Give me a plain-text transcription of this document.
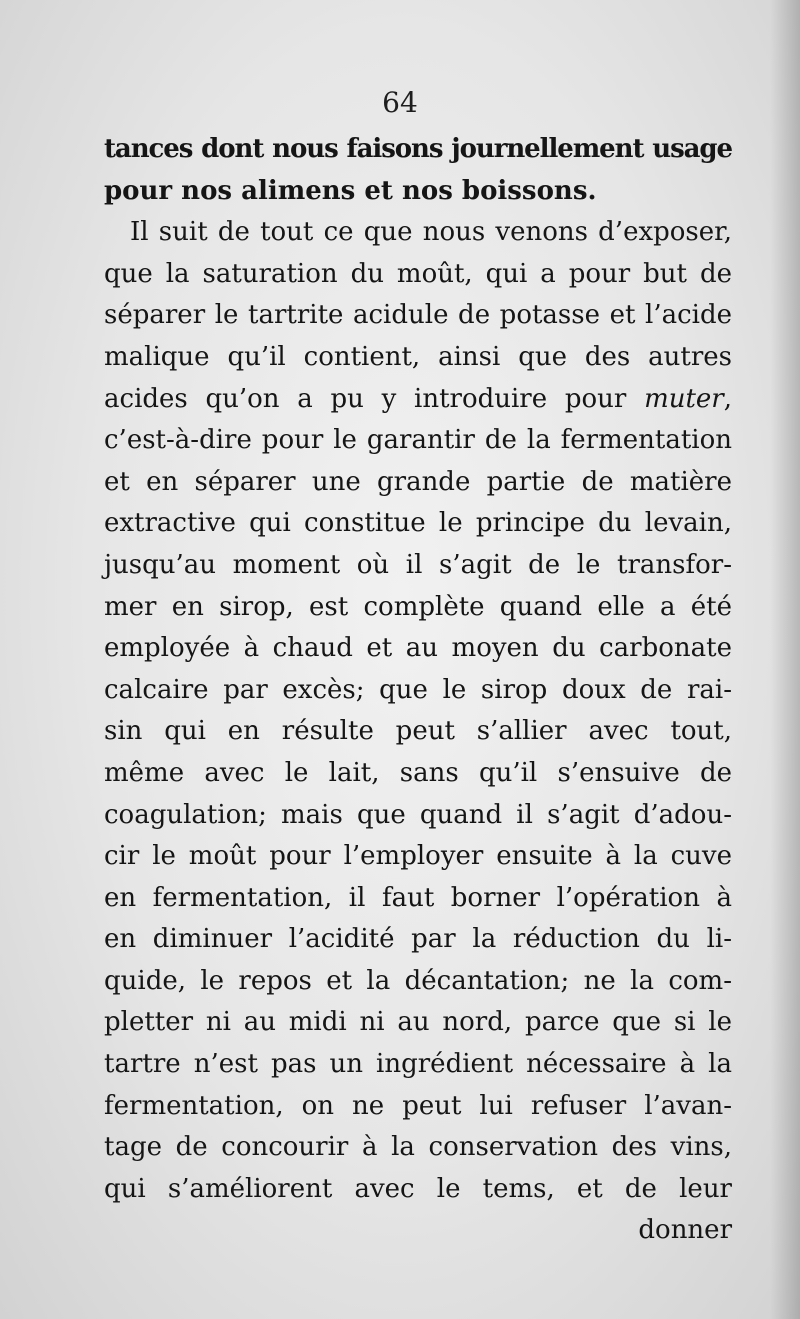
64
tances dont nous faisons journellement usage
pour nos alimens et nos boissons.
Il suit de tout ce que nous venons d’exposer,
que la saturation du moût, qui a pour but de
séparer le tartrite acidule de potasse et l’acide
malique qu’il contient, ainsi que des autres
acides qu’on a pu y introduire pour muter,
c’est-à-dire pour le garantir de la fermentation
et en séparer une grande partie de matière
extractive qui constitue le principe du levain,
jusqu’au moment où il s’agit de le transfor-
mer en sirop, est complète quand elle a été
employée à chaud et au moyen du carbonate
calcaire par excès; que le sirop doux de rai-
sin qui en résulte peut s’allier avec tout,
même avec le lait, sans qu’il s’ensuive de
coagulation; mais que quand il s’agit d’adou-
cir le moût pour l’employer ensuite à la cuve
en fermentation, il faut borner l’opération à
en diminuer l’acidité par la réduction du li-
quide, le repos et la décantation; ne la com-
pletter ni au midi ni au nord, parce que si le
tartre n’est pas un ingrédient nécessaire à la
fermentation, on ne peut lui refuser l’avan-
tage de concourir à la conservation des vins,
qui s’améliorent avec le tems, et de leur
donner
